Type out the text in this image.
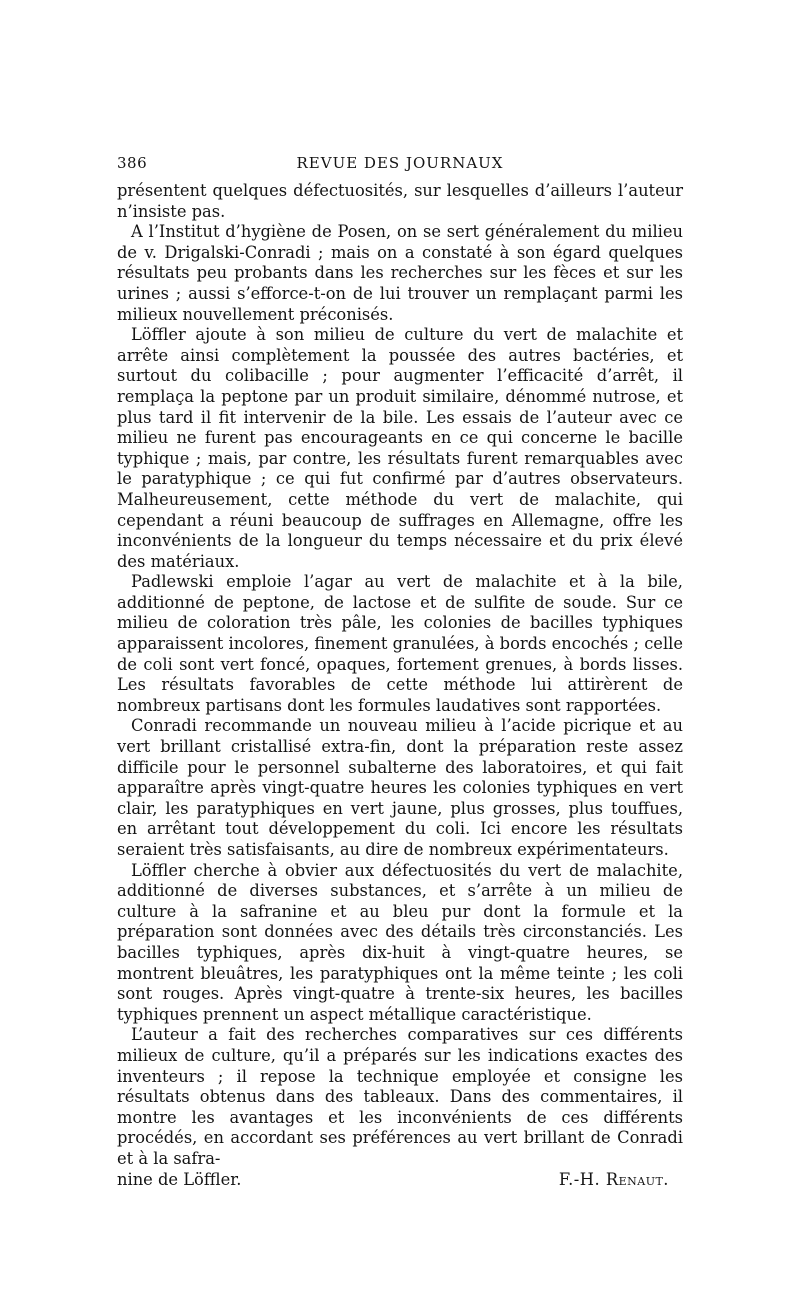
386	REVUE DES JOURNAUX

présentent quelques défectuosités, sur lesquelles d’ailleurs l’auteur n’insiste pas.

A l’Institut d’hygiène de Posen, on se sert généralement du milieu de v. Drigalski-Conradi ; mais on a constaté à son égard quelques résultats peu probants dans les recherches sur les fèces et sur les urines ; aussi s’efforce-t-on de lui trouver un remplaçant parmi les milieux nouvellement préconisés.

Löffler ajoute à son milieu de culture du vert de malachite et arrête ainsi complètement la poussée des autres bactéries, et surtout du colibacille ; pour augmenter l’efficacité d’arrêt, il remplaça la peptone par un produit similaire, dénommé nutrose, et plus tard il fit intervenir de la bile. Les essais de l’auteur avec ce milieu ne furent pas encourageants en ce qui concerne le bacille typhique ; mais, par contre, les résultats furent remarquables avec le paratyphique ; ce qui fut confirmé par d’autres observateurs. Malheureusement, cette méthode du vert de malachite, qui cependant a réuni beaucoup de suffrages en Allemagne, offre les inconvénients de la longueur du temps nécessaire et du prix élevé des matériaux.

Padlewski emploie l’agar au vert de malachite et à la bile, additionné de peptone, de lactose et de sulfite de soude. Sur ce milieu de coloration très pâle, les colonies de bacilles typhiques apparaissent incolores, finement granulées, à bords encochés ; celle de coli sont vert foncé, opaques, fortement grenues, à bords lisses. Les résultats favorables de cette méthode lui attirèrent de nombreux partisans dont les formules laudatives sont rapportées.

Conradi recommande un nouveau milieu à l’acide picrique et au vert brillant cristallisé extra-fin, dont la préparation reste assez difficile pour le personnel subalterne des laboratoires, et qui fait apparaître après vingt-quatre heures les colonies typhiques en vert clair, les paratyphiques en vert jaune, plus grosses, plus touffues, en arrêtant tout développement du coli. Ici encore les résultats seraient très satisfaisants, au dire de nombreux expérimentateurs.

Löffler cherche à obvier aux défectuosités du vert de malachite, additionné de diverses substances, et s’arrête à un milieu de culture à la safranine et au bleu pur dont la formule et la préparation sont données avec des détails très circonstanciés. Les bacilles typhiques, après dix-huit à vingt-quatre heures, se montrent bleuâtres, les paratyphiques ont la même teinte ; les coli sont rouges. Après vingt-quatre à trente-six heures, les bacilles typhiques prennent un aspect métallique caractéristique.

L’auteur a fait des recherches comparatives sur ces différents milieux de culture, qu’il a préparés sur les indications exactes des inventeurs ; il repose la technique employée et consigne les résultats obtenus dans des tableaux. Dans des commentaires, il montre les avantages et les inconvénients de ces différents procédés, en accordant ses préférences au vert brillant de Conradi et à la safra-

nine de Löffler.	F.-H. Renaut.
